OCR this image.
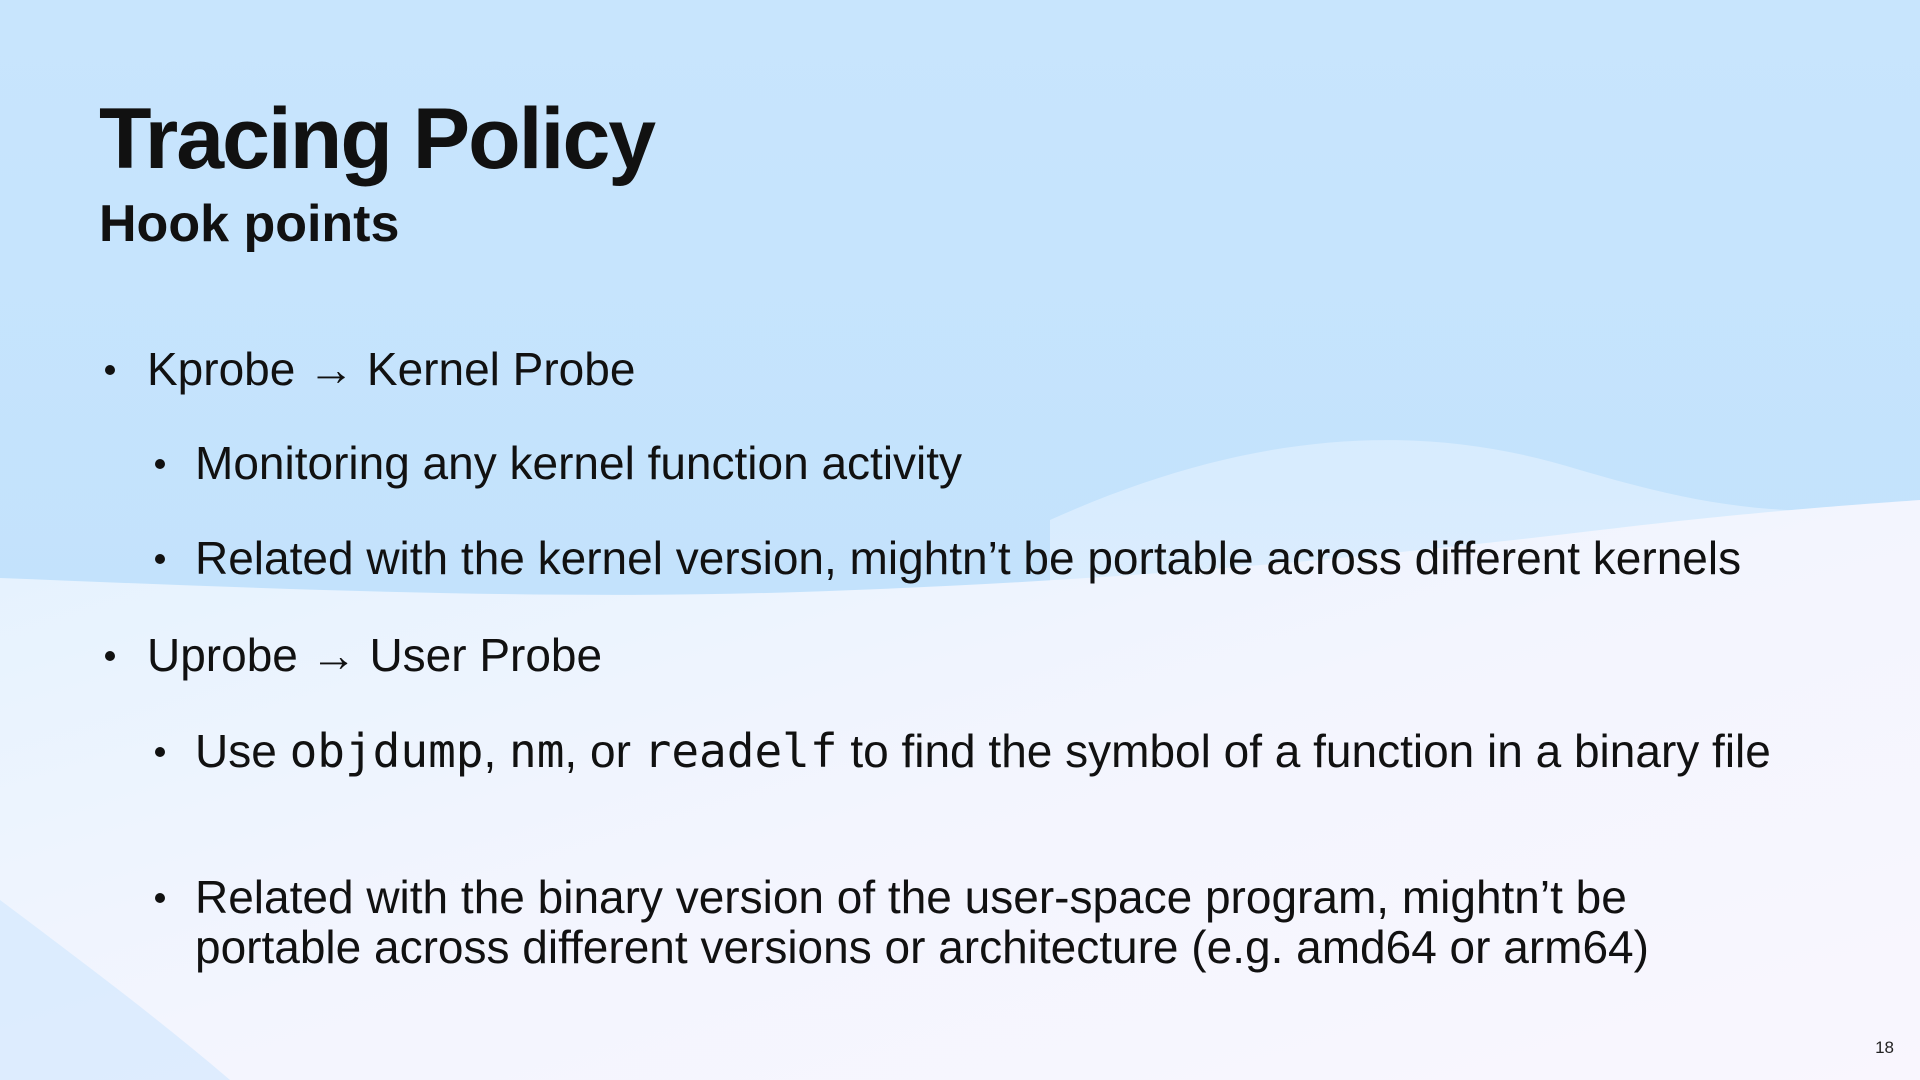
Tracing Policy
Hook points
Kprobe → Kernel Probe
Monitoring any kernel function activity
Related with the kernel version, mightn’t be portable across different kernels
Uprobe → User Probe
Use objdump, nm, or readelf to find the symbol of a function in a binary file
Related with the binary version of the user-space program, mightn’t be portable across different versions or architecture (e.g. amd64 or arm64)
18
